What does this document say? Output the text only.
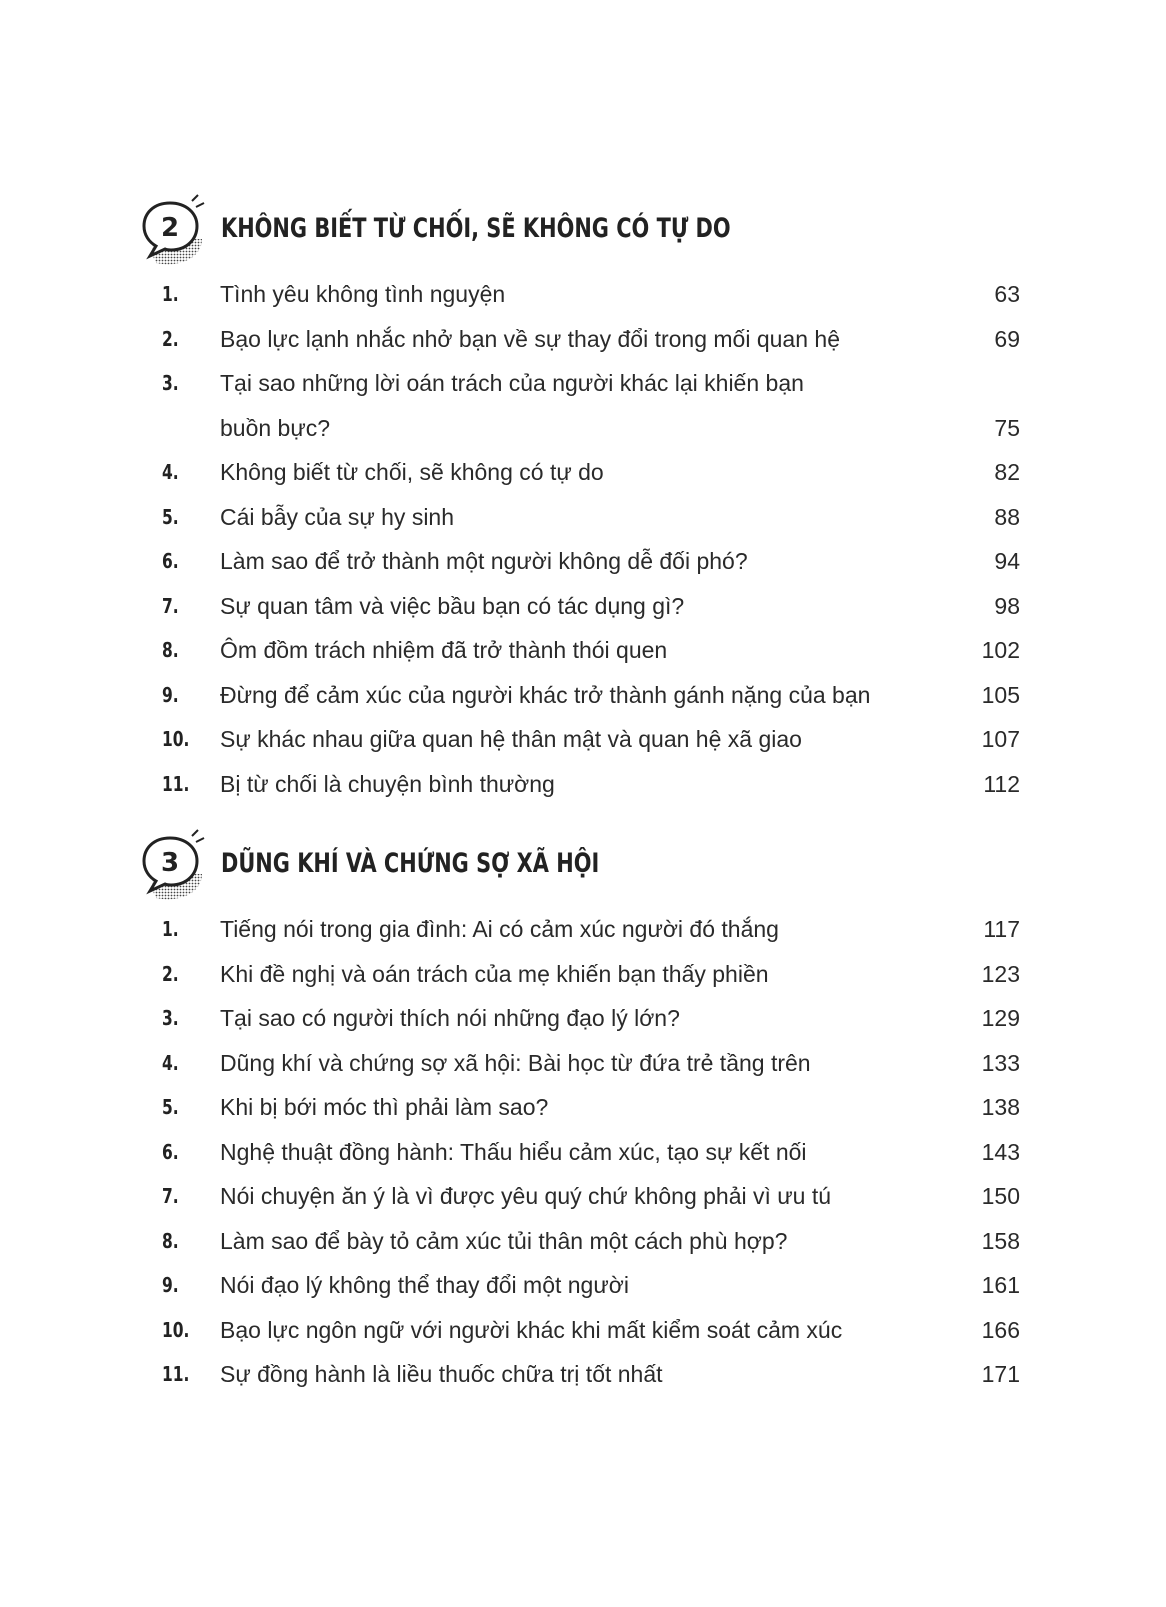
2 KHÔNG BIẾT TỪ CHỐI, SẼ KHÔNG CÓ TỰ DO
1. Tình yêu không tình nguyện	63
2. Bạo lực lạnh nhắc nhở bạn về sự thay đổi trong mối quan hệ	69
3. Tại sao những lời oán trách của người khác lại khiến bạn buồn bực?	75
4. Không biết từ chối, sẽ không có tự do	82
5. Cái bẫy của sự hy sinh	88
6. Làm sao để trở thành một người không dễ đối phó?	94
7. Sự quan tâm và việc bầu bạn có tác dụng gì?	98
8. Ôm đồm trách nhiệm đã trở thành thói quen	102
9. Đừng để cảm xúc của người khác trở thành gánh nặng của bạn	105
10. Sự khác nhau giữa quan hệ thân mật và quan hệ xã giao	107
11. Bị từ chối là chuyện bình thường	112
3 DŨNG KHÍ VÀ CHỨNG SỢ XÃ HỘI
1. Tiếng nói trong gia đình: Ai có cảm xúc người đó thắng	117
2. Khi đề nghị và oán trách của mẹ khiến bạn thấy phiền	123
3. Tại sao có người thích nói những đạo lý lớn?	129
4. Dũng khí và chứng sợ xã hội: Bài học từ đứa trẻ tầng trên	133
5. Khi bị bới móc thì phải làm sao?	138
6. Nghệ thuật đồng hành: Thấu hiểu cảm xúc, tạo sự kết nối	143
7. Nói chuyện ăn ý là vì được yêu quý chứ không phải vì ưu tú	150
8. Làm sao để bày tỏ cảm xúc tủi thân một cách phù hợp?	158
9. Nói đạo lý không thể thay đổi một người	161
10. Bạo lực ngôn ngữ với người khác khi mất kiểm soát cảm xúc	166
11. Sự đồng hành là liều thuốc chữa trị tốt nhất	171
